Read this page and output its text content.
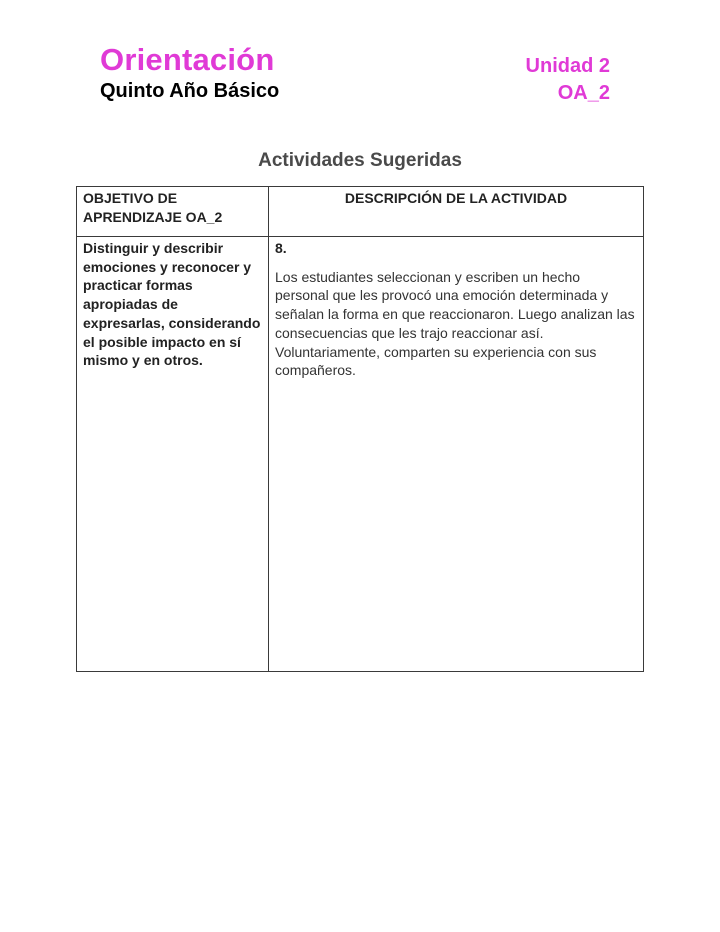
Orientación
Quinto Año Básico
Unidad 2
OA_2
Actividades Sugeridas
OBJETIVO DE APRENDIZAJE OA_2	DESCRIPCIÓN DE LA ACTIVIDAD

Distinguir y describir emociones y reconocer y practicar formas apropiadas de expresarlas, considerando el posible impacto en sí mismo y en otros.	8.
Los estudiantes seleccionan y escriben un hecho personal que les provocó una emoción determinada y señalan la forma en que reaccionaron. Luego analizan las consecuencias que les trajo reaccionar así. Voluntariamente, comparten su experiencia con sus compañeros.
